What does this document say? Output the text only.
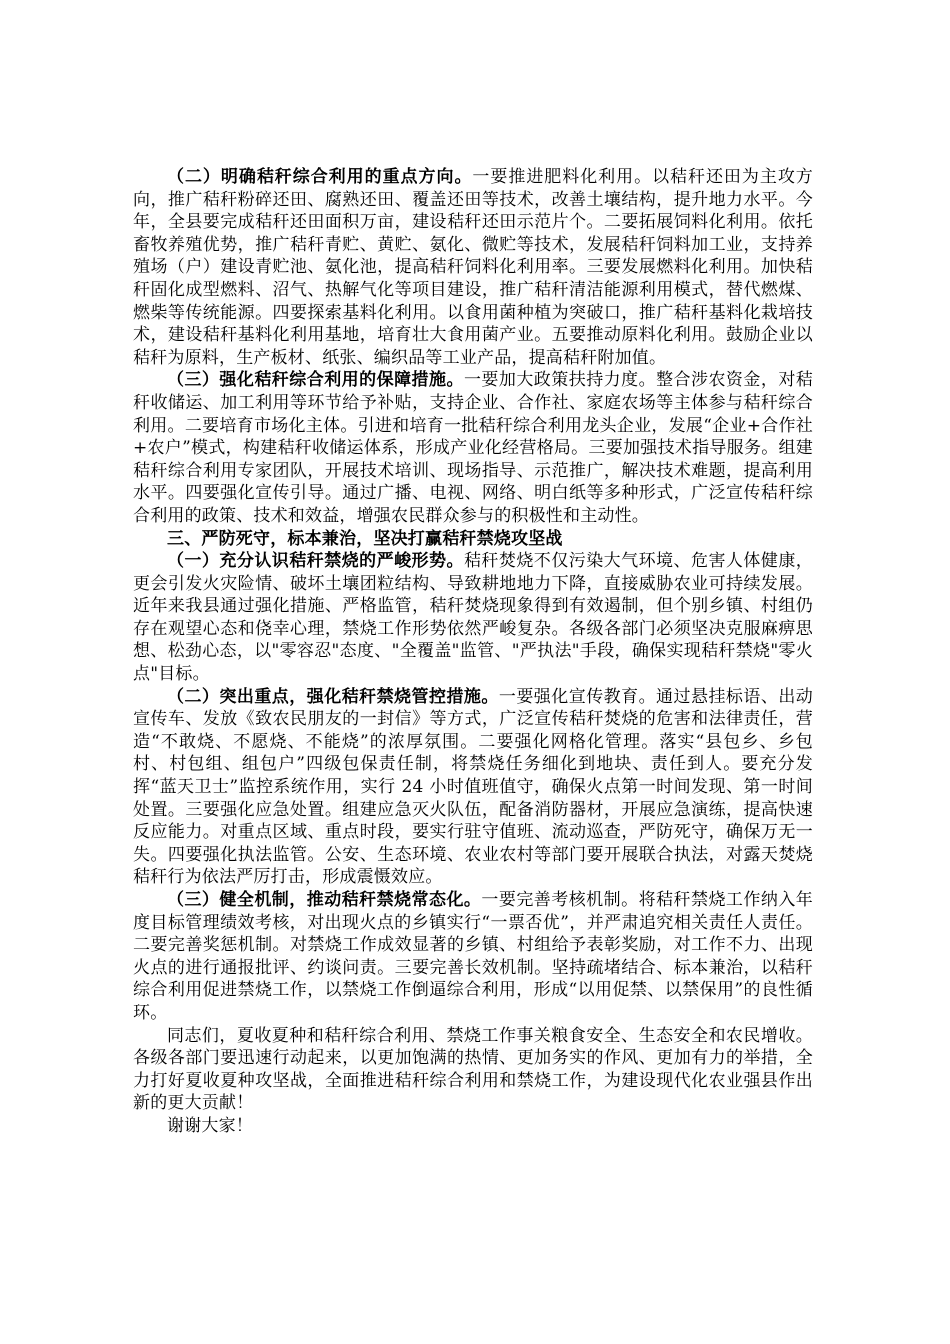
（二）明确秸秆综合利用的重点方向。一要推进肥料化利用。以秸秆还田为主攻方向，推广秸秆粉碎还田、腐熟还田、覆盖还田等技术，改善土壤结构，提升地力水平。今年，全县要完成秸秆还田面积万亩，建设秸秆还田示范片个。二要拓展饲料化利用。依托畜牧养殖优势，推广秸秆青贮、黄贮、氨化、微贮等技术，发展秸秆饲料加工业，支持养殖场（户）建设青贮池、氨化池，提高秸秆饲料化利用率。三要发展燃料化利用。加快秸秆固化成型燃料、沼气、热解气化等项目建设，推广秸秆清洁能源利用模式，替代燃煤、燃柴等传统能源。四要探索基料化利用。以食用菌种植为突破口，推广秸秆基料化栽培技术，建设秸秆基料化利用基地，培育壮大食用菌产业。五要推动原料化利用。鼓励企业以秸秆为原料，生产板材、纸张、编织品等工业产品，提高秸秆附加值。

（三）强化秸秆综合利用的保障措施。一要加大政策扶持力度。整合涉农资金，对秸秆收储运、加工利用等环节给予补贴，支持企业、合作社、家庭农场等主体参与秸秆综合利用。二要培育市场化主体。引进和培育一批秸秆综合利用龙头企业，发展“企业+合作社+农户”模式，构建秸秆收储运体系，形成产业化经营格局。三要加强技术指导服务。组建秸秆综合利用专家团队，开展技术培训、现场指导、示范推广，解决技术难题，提高利用水平。四要强化宣传引导。通过广播、电视、网络、明白纸等多种形式，广泛宣传秸秆综合利用的政策、技术和效益，增强农民群众参与的积极性和主动性。

三、严防死守，标本兼治，坚决打赢秸秆禁烧攻坚战

（一）充分认识秸秆禁烧的严峻形势。秸秆焚烧不仅污染大气环境、危害人体健康，更会引发火灾险情、破坏土壤团粒结构、导致耕地地力下降，直接威胁农业可持续发展。近年来我县通过强化措施、严格监管，秸秆焚烧现象得到有效遏制，但个别乡镇、村组仍存在观望心态和侥幸心理，禁烧工作形势依然严峻复杂。各级各部门必须坚决克服麻痹思想、松劲心态，以"零容忍"态度、"全覆盖"监管、"严执法"手段，确保实现秸秆禁烧"零火点"目标。

（二）突出重点，强化秸秆禁烧管控措施。一要强化宣传教育。通过悬挂标语、出动宣传车、发放《致农民朋友的一封信》等方式，广泛宣传秸秆焚烧的危害和法律责任，营造“不敢烧、不愿烧、不能烧”的浓厚氛围。二要强化网格化管理。落实“县包乡、乡包村、村包组、组包户”四级包保责任制，将禁烧任务细化到地块、责任到人。要充分发挥“蓝天卫士”监控系统作用，实行 24 小时值班值守，确保火点第一时间发现、第一时间处置。三要强化应急处置。组建应急灭火队伍，配备消防器材，开展应急演练，提高快速反应能力。对重点区域、重点时段，要实行驻守值班、流动巡查，严防死守，确保万无一失。四要强化执法监管。公安、生态环境、农业农村等部门要开展联合执法，对露天焚烧秸秆行为依法严厉打击，形成震慑效应。

（三）健全机制，推动秸秆禁烧常态化。一要完善考核机制。将秸秆禁烧工作纳入年度目标管理绩效考核，对出现火点的乡镇实行“一票否优”，并严肃追究相关责任人责任。二要完善奖惩机制。对禁烧工作成效显著的乡镇、村组给予表彰奖励，对工作不力、出现火点的进行通报批评、约谈问责。三要完善长效机制。坚持疏堵结合、标本兼治，以秸秆综合利用促进禁烧工作，以禁烧工作倒逼综合利用，形成“以用促禁、以禁保用”的良性循环。

同志们，夏收夏种和秸秆综合利用、禁烧工作事关粮食安全、生态安全和农民增收。各级各部门要迅速行动起来，以更加饱满的热情、更加务实的作风、更加有力的举措，全力打好夏收夏种攻坚战，全面推进秸秆综合利用和禁烧工作，为建设现代化农业强县作出新的更大贡献！

谢谢大家！
